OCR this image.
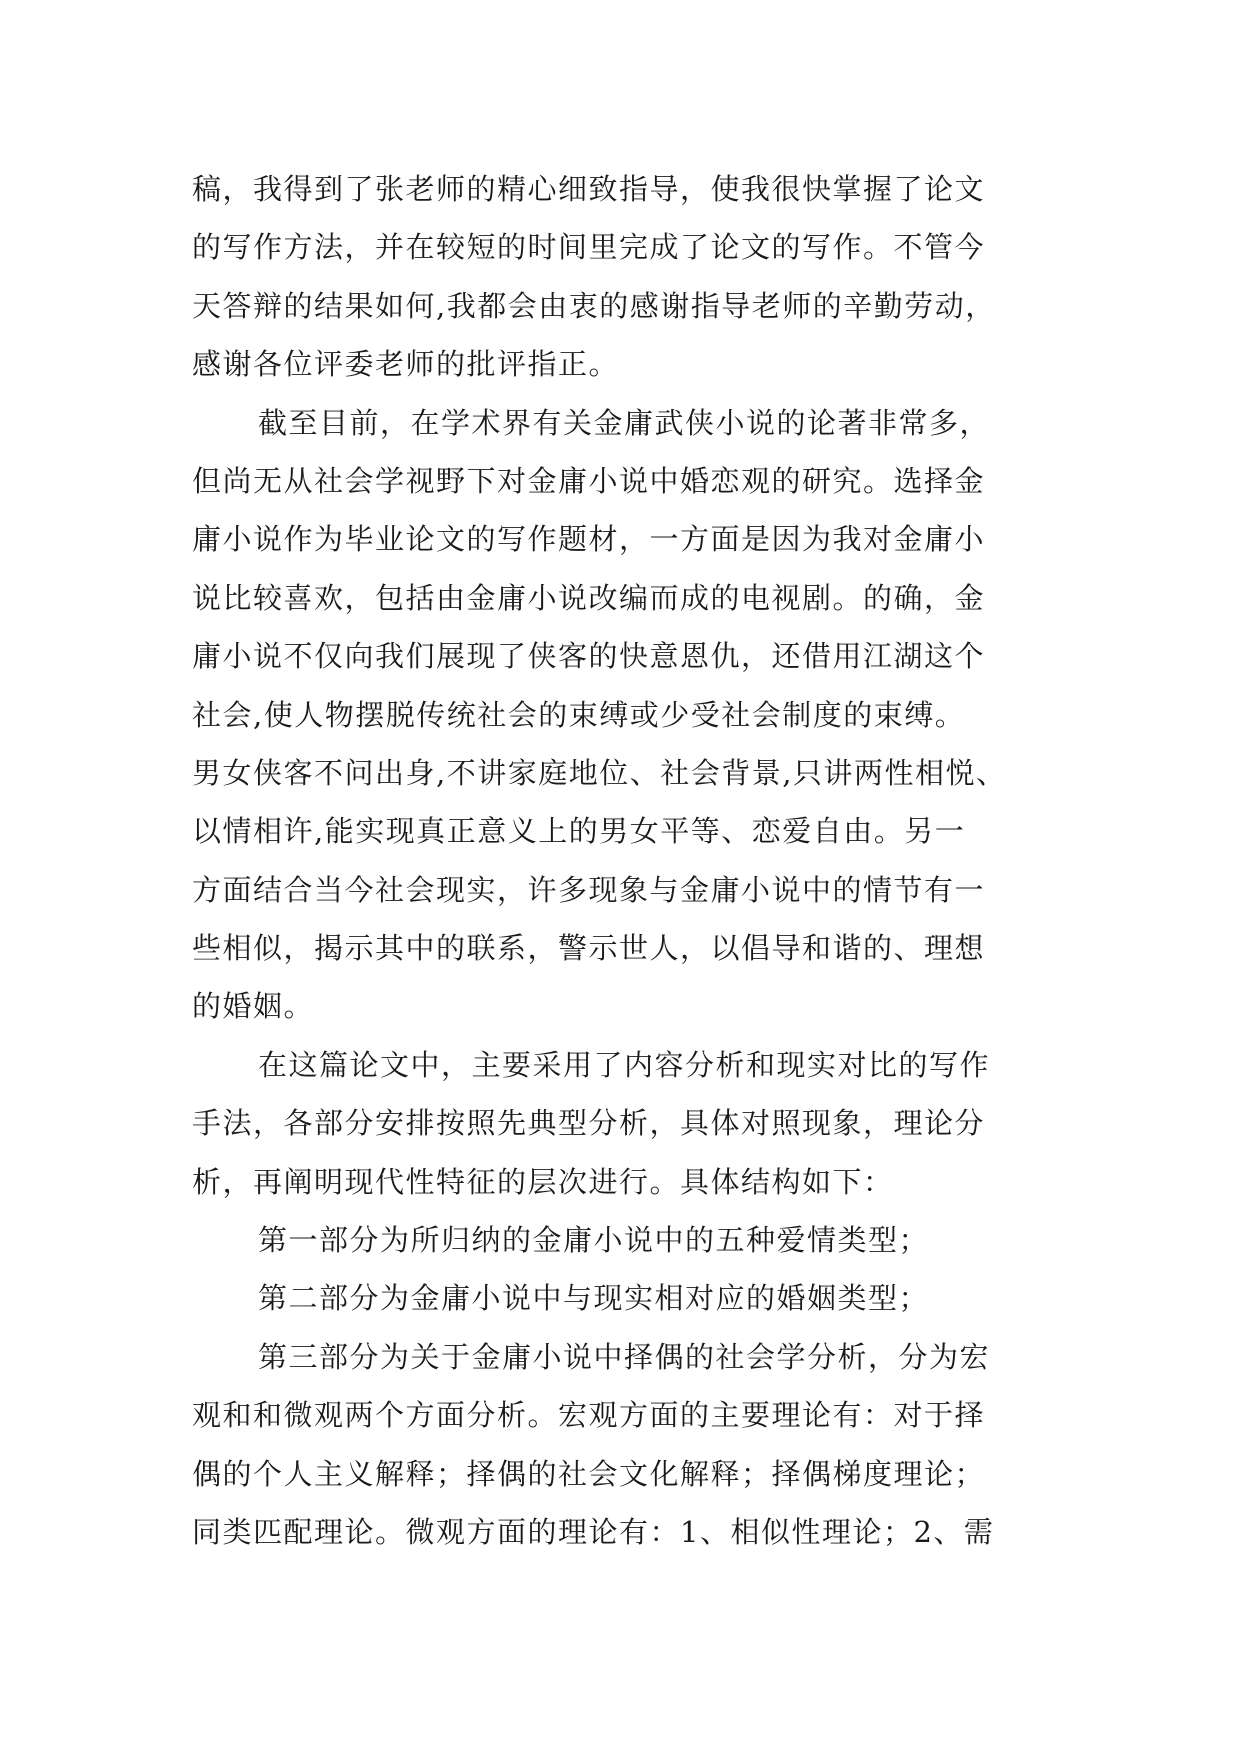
稿，我得到了张老师的精心细致指导，使我很快掌握了论文
的写作方法，并在较短的时间里完成了论文的写作。不管今
天答辩的结果如何,我都会由衷的感谢指导老师的辛勤劳动，
感谢各位评委老师的批评指正。
截至目前，在学术界有关金庸武侠小说的论著非常多，
但尚无从社会学视野下对金庸小说中婚恋观的研究。选择金
庸小说作为毕业论文的写作题材，一方面是因为我对金庸小
说比较喜欢，包括由金庸小说改编而成的电视剧。的确，金
庸小说不仅向我们展现了侠客的快意恩仇，还借用江湖这个
社会,使人物摆脱传统社会的束缚或少受社会制度的束缚。
男女侠客不问出身,不讲家庭地位、社会背景,只讲两性相悦、
以情相许,能实现真正意义上的男女平等、恋爱自由。另一
方面结合当今社会现实，许多现象与金庸小说中的情节有一
些相似，揭示其中的联系，警示世人，以倡导和谐的、理想
的婚姻。
在这篇论文中，主要采用了内容分析和现实对比的写作
手法，各部分安排按照先典型分析，具体对照现象，理论分
析，再阐明现代性特征的层次进行。具体结构如下：
第一部分为所归纳的金庸小说中的五种爱情类型；
第二部分为金庸小说中与现实相对应的婚姻类型；
第三部分为关于金庸小说中择偶的社会学分析，分为宏
观和和微观两个方面分析。宏观方面的主要理论有：对于择
偶的个人主义解释；择偶的社会文化解释；择偶梯度理论；
同类匹配理论。微观方面的理论有：1、相似性理论；2、需
